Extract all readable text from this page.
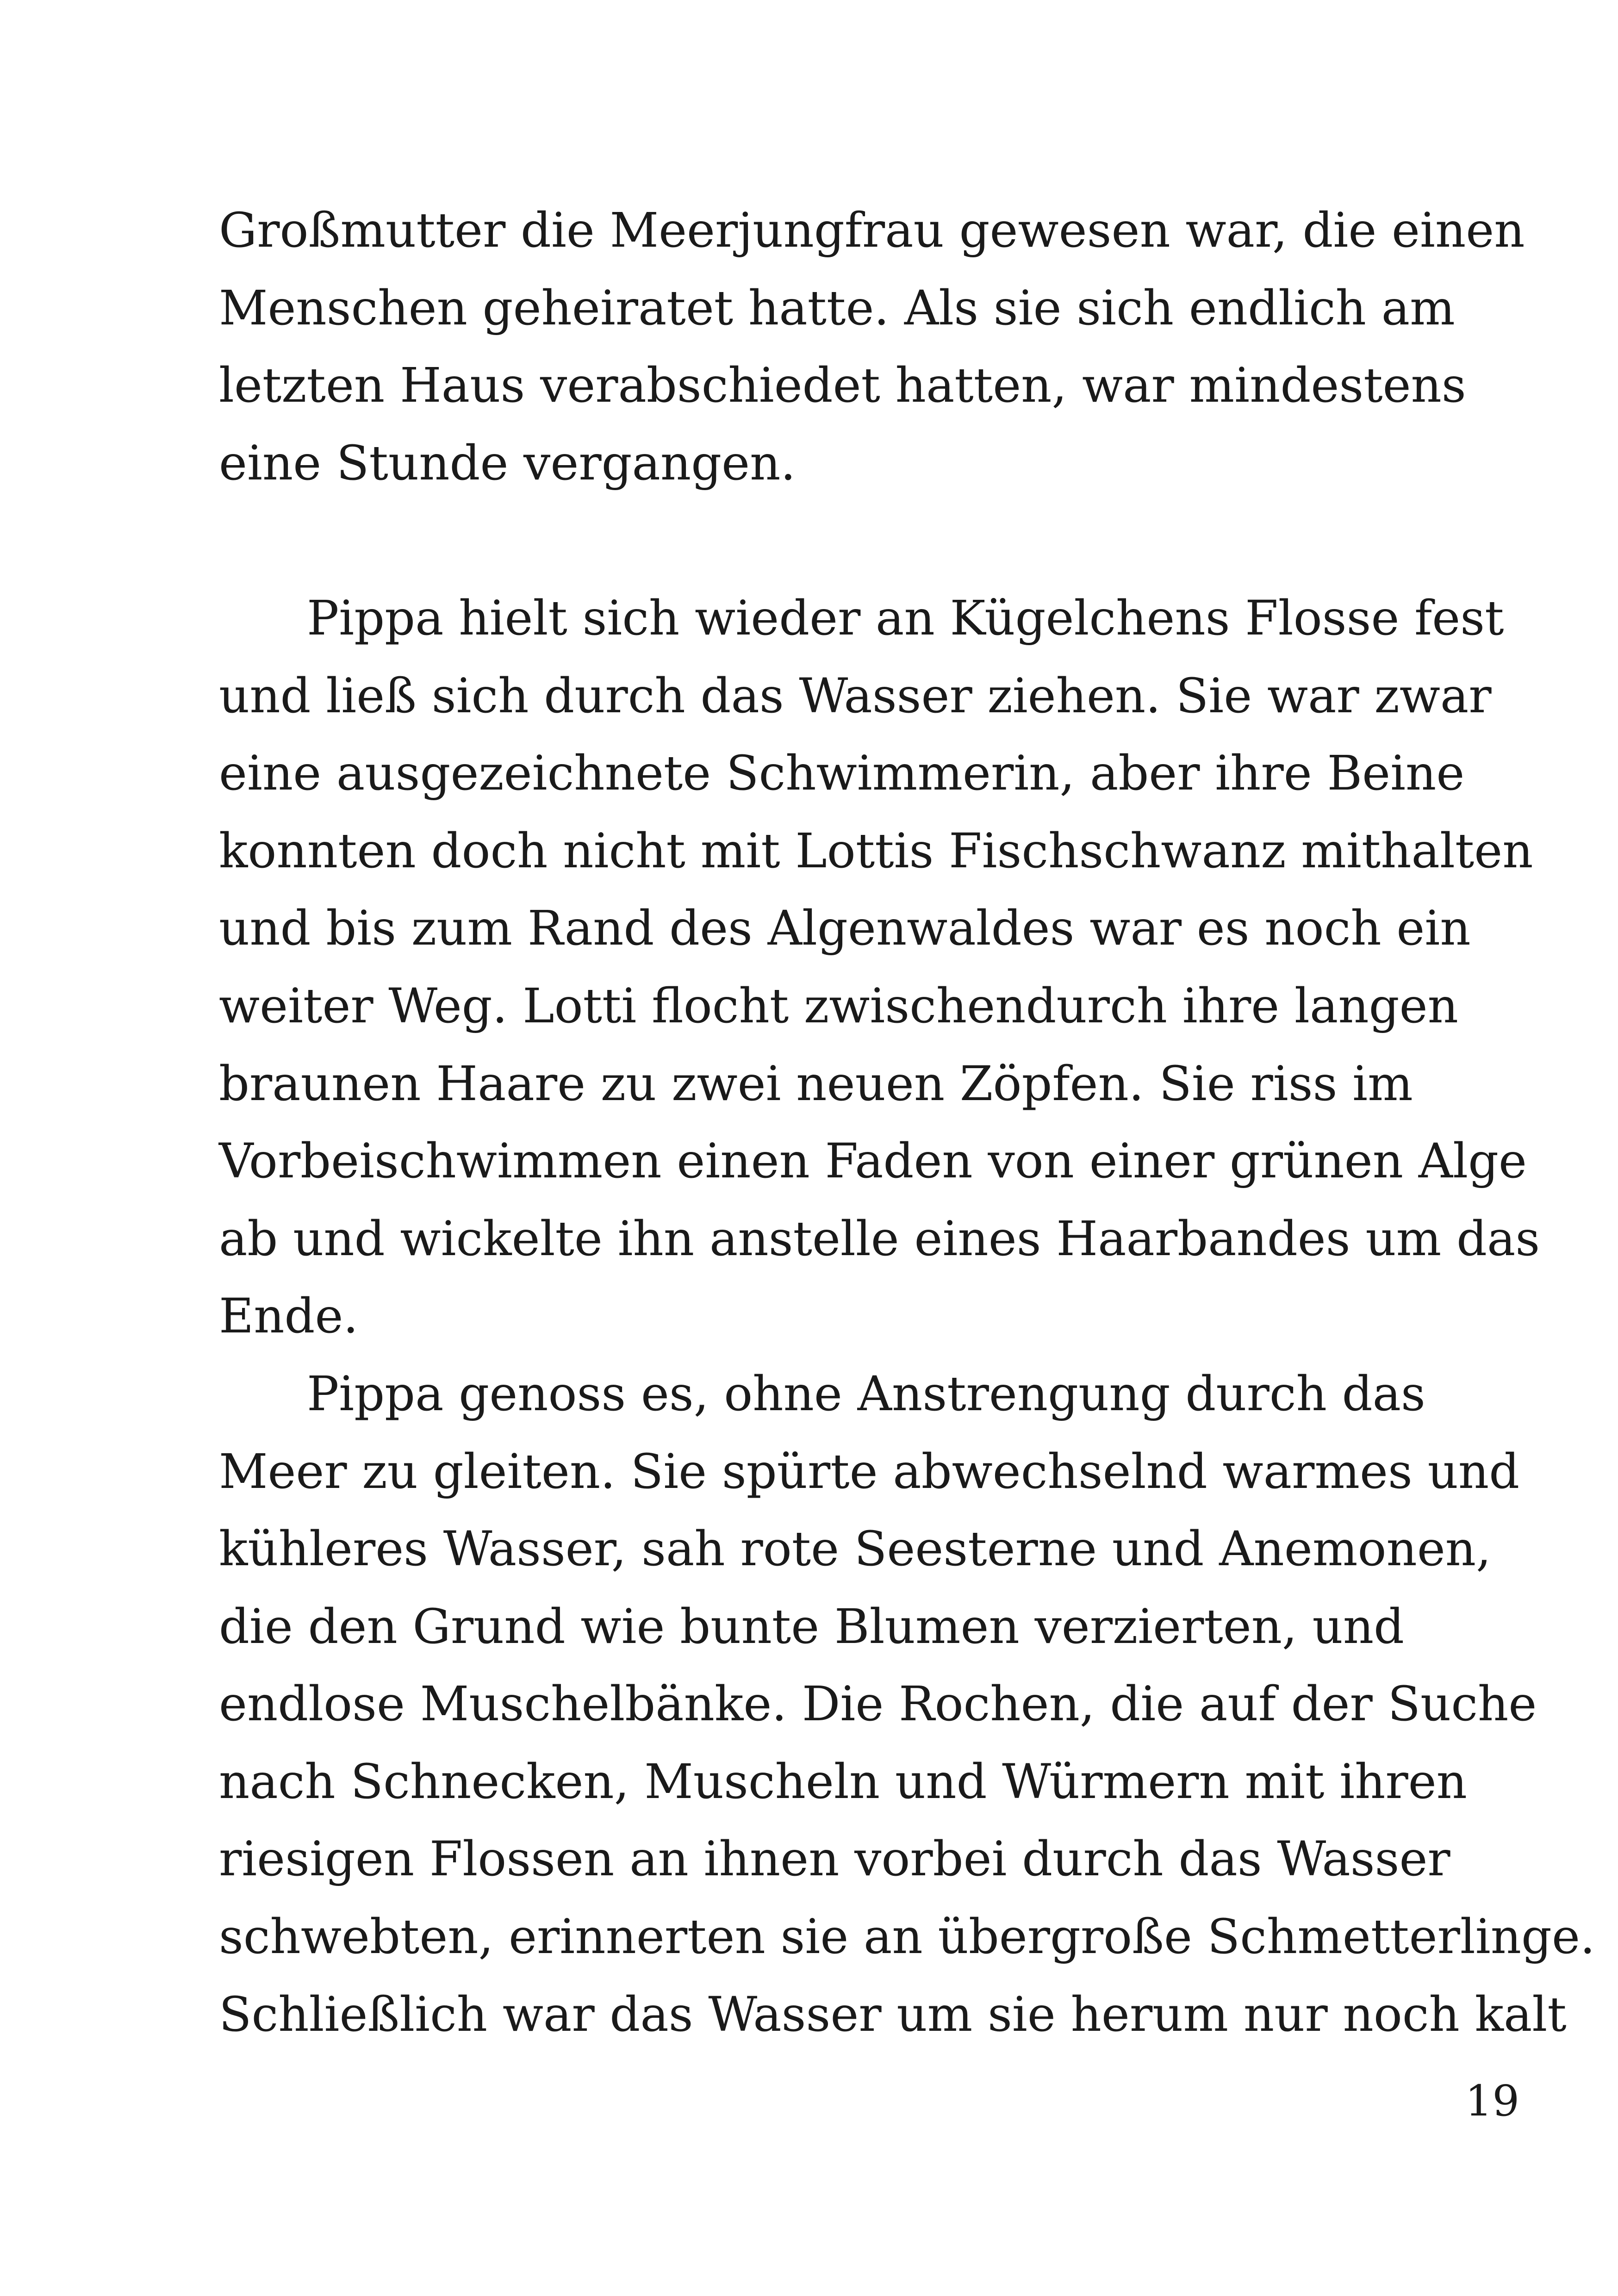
Großmutter die Meerjungfrau gewesen war, die einen
Menschen geheiratet hatte. Als sie sich endlich am
letzten Haus verabschiedet hatten, war mindestens
eine Stunde vergangen.
Pippa hielt sich wieder an Kügelchens Flosse fest
und ließ sich durch das Wasser ziehen. Sie war zwar
eine ausgezeichnete Schwimmerin, aber ihre Beine
konnten doch nicht mit Lottis Fischschwanz mithalten
und bis zum Rand des Algenwaldes war es noch ein
weiter Weg. Lotti flocht zwischendurch ihre langen
braunen Haare zu zwei neuen Zöpfen. Sie riss im
Vorbeischwimmen einen Faden von einer grünen Alge
ab und wickelte ihn anstelle eines Haarbandes um das
Ende.
Pippa genoss es, ohne Anstrengung durch das
Meer zu gleiten. Sie spürte abwechselnd warmes und
kühleres Wasser, sah rote Seesterne und Anemonen,
die den Grund wie bunte Blumen verzierten, und
endlose Muschelbänke. Die Rochen, die auf der Suche
nach Schnecken, Muscheln und Würmern mit ihren
riesigen Flossen an ihnen vorbei durch das Wasser
schwebten, erinnerten sie an übergroße Schmetterlinge.
Schließlich war das Wasser um sie herum nur noch kalt
19
